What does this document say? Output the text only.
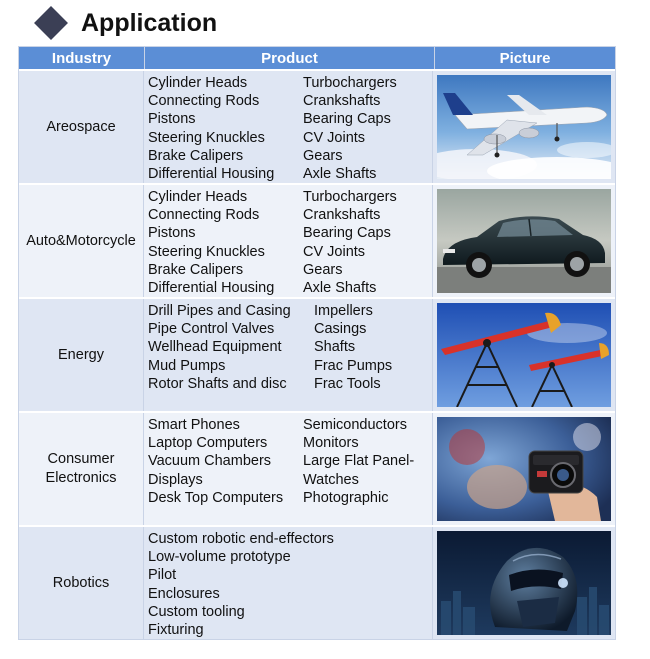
Application
Industry	Product	Picture
Areospace
Cylinder Heads
Connecting Rods
Pistons
Steering Knuckles
Brake Calipers
Differential Housing
Turbochargers
Crankshafts
Bearing Caps
CV Joints
Gears
Axle Shafts
Auto&Motorcycle
Cylinder Heads
Connecting Rods
Pistons
Steering Knuckles
Brake Calipers
Differential Housing
Turbochargers
Crankshafts
Bearing Caps
CV Joints
Gears
Axle Shafts
Energy
Drill Pipes and Casing
Pipe Control Valves
Wellhead Equipment
Mud Pumps
Rotor Shafts and disc
Impellers
Casings
Shafts
Frac Pumps
Frac Tools
Consumer
Electronics
Smart Phones
Laptop Computers
Vacuum Chambers
Displays
Desk Top Computers
Semiconductors
Monitors
Large Flat Panel-
Watches
Photographic
Robotics
Custom robotic end-effectors
Low-volume prototype
Pilot
Enclosures
Custom tooling
Fixturing
